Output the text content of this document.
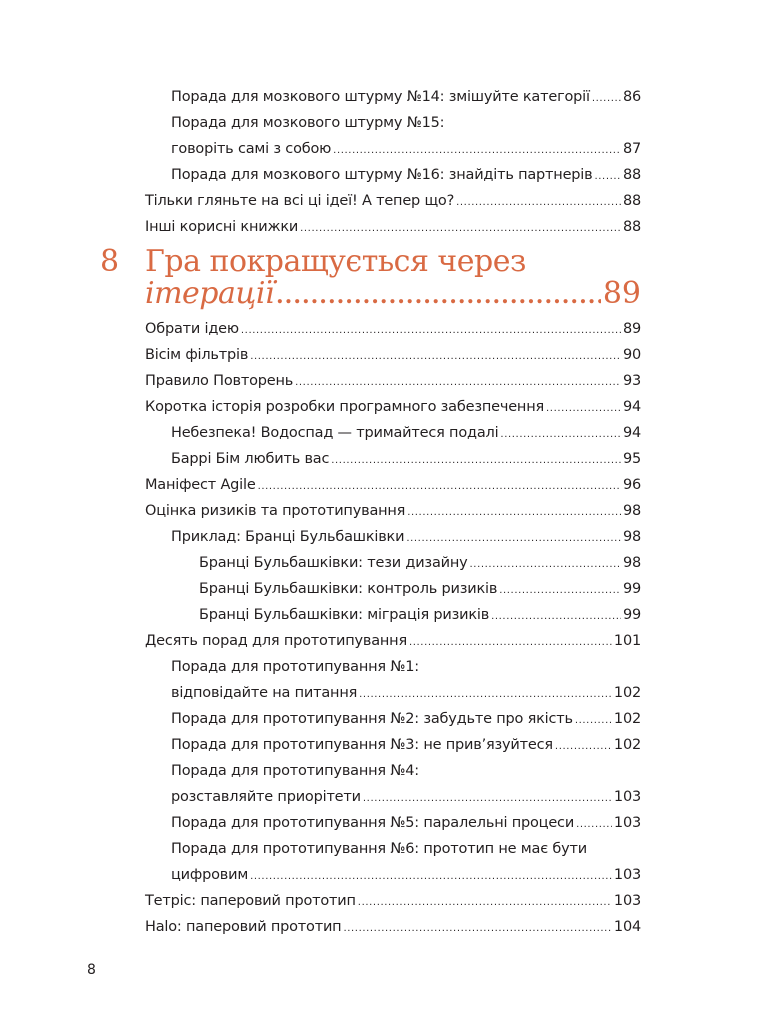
Порада для мозкового штурму №14: змішуйте категорії ..... 86
Порада для мозкового штурму №15:
говоріть самі з собою .....	87
Порада для мозкового штурму №16: знайдіть партнерів ..... 88
Тільки гляньте на всі ці ідеї! А тепер що? .....	88
Інші корисні книжки .....	88
8 Гра покращується через
ітерації .....	89
Обрати ідею .....	89
Вісім фільтрів .....	90
Правило Повторень .....	93
Коротка історія розробки програмного забезпечення .....	94
Небезпека! Водоспад — тримайтеся подалі .....	94
Баррі Бім любить вас .....	95
Маніфест Agile .....	96
Оцінка ризиків та прототипування .....	98
Приклад: Бранці Бульбашківки .....	98
Бранці Бульбашківки: тези дизайну .....	98
Бранці Бульбашківки: контроль ризиків .....	99
Бранці Бульбашківки: міграція ризиків .....	99
Десять порад для прототипування .....	101
Порада для прототипування №1:
відповідайте на питання .....	102
Порада для прототипування №2: забудьте про якість .....	102
Порада для прототипування №3: не прив’язуйтеся .....	102
Порада для прототипування №4:
розставляйте приорітети .....	103
Порада для прототипування №5: паралельні процеси .....	103
Порада для прототипування №6: прототип не має бути
цифровим .....	103
Тетріс: паперовий прототип .....	103
Halo: паперовий прототип .....	104
8
